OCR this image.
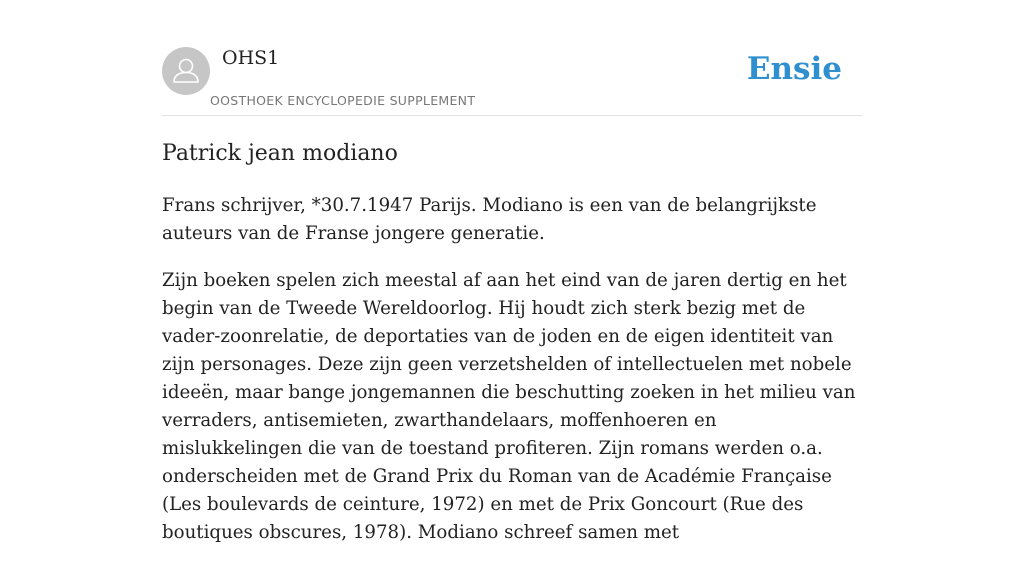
OHS1
OOSTHOEK ENCYCLOPEDIE SUPPLEMENT
Ensie
Patrick jean modiano

Frans schrijver, *30.7.1947 Parijs. Modiano is een van de belangrijkste auteurs van de Franse jongere generatie.

Zijn boeken spelen zich meestal af aan het eind van de jaren dertig en het begin van de Tweede Wereldoorlog. Hij houdt zich sterk bezig met de vader-zoonrelatie, de deportaties van de joden en de eigen identiteit van zijn personages. Deze zijn geen verzetshelden of intellectuelen met nobele ideeën, maar bange jongemannen die beschutting zoeken in het milieu van verraders, antisemieten, zwarthandelaars, moffenhoeren en mislukkelingen die van de toestand profiteren. Zijn romans werden o.a. onderscheiden met de Grand Prix du Roman van de Académie Française (Les boulevards de ceinture, 1972) en met de Prix Goncourt (Rue des boutiques obscures, 1978). Modiano schreef samen met
